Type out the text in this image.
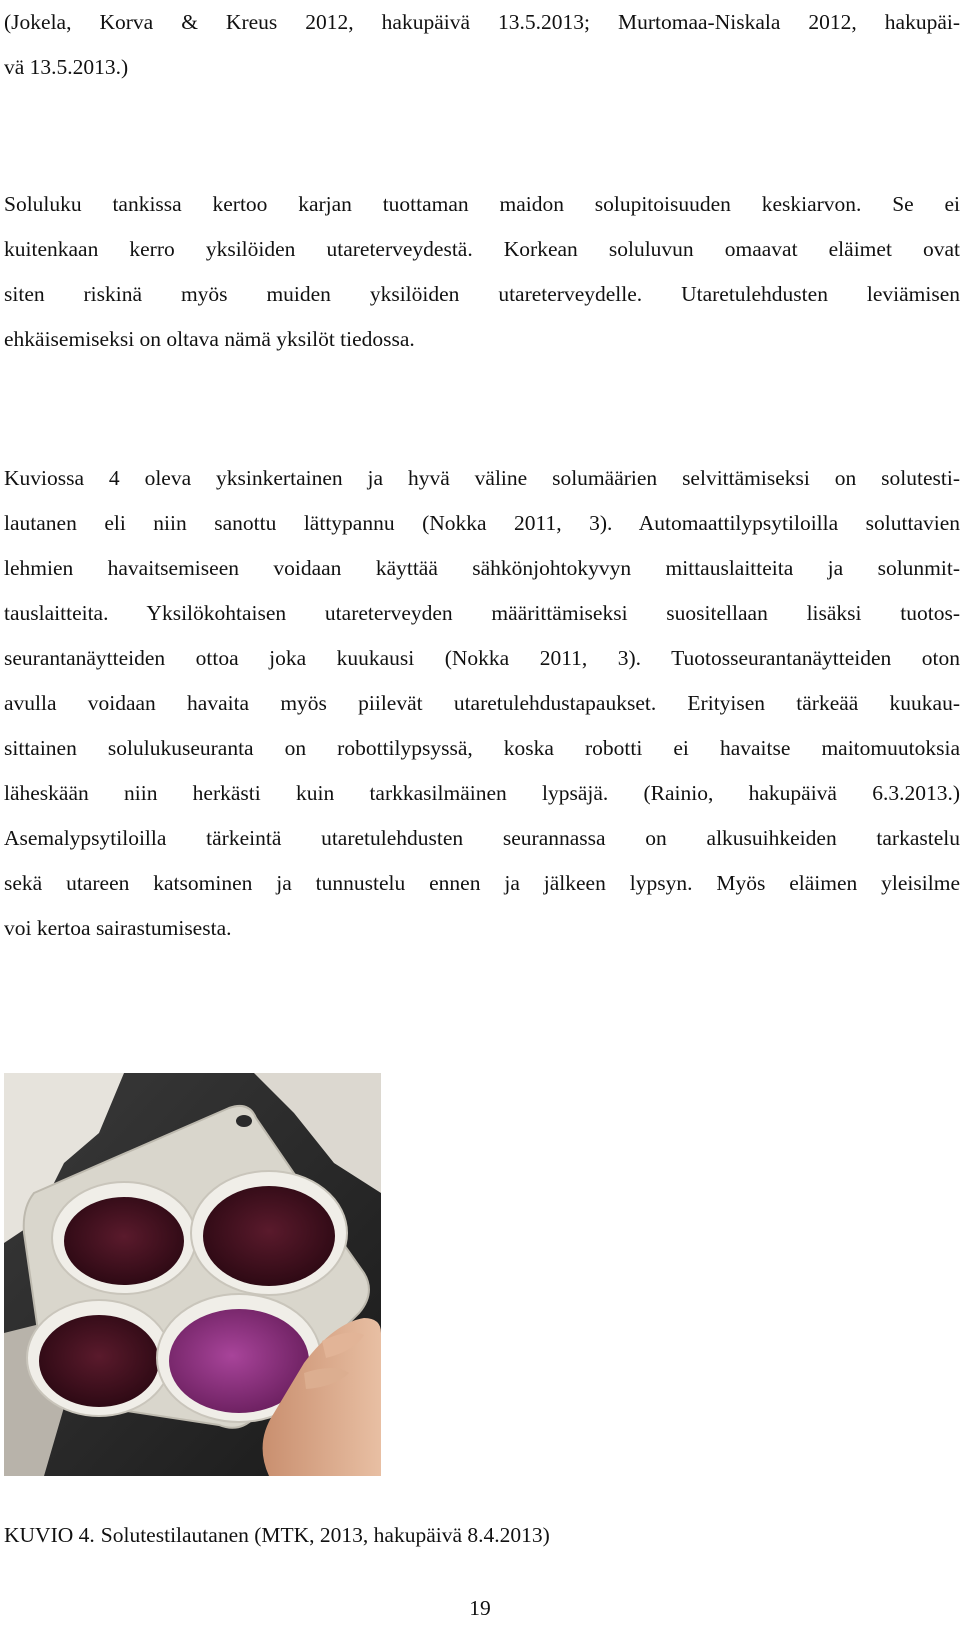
(Jokela, Korva & Kreus 2012, hakupäivä 13.5.2013; Murtomaa-Niskala 2012, hakupäi-
vä 13.5.2013.)
Soluluku tankissa kertoo karjan tuottaman maidon solupitoisuuden keskiarvon. Se ei
kuitenkaan kerro yksilöiden utareterveydestä. Korkean soluluvun omaavat eläimet ovat
siten riskinä myös muiden yksilöiden utareterveydelle. Utaretulehdusten leviämisen
ehkäisemiseksi on oltava nämä yksilöt tiedossa.
Kuviossa 4 oleva yksinkertainen ja hyvä väline solumäärien selvittämiseksi on solutesti-
lautanen eli niin sanottu lättypannu (Nokka 2011, 3). Automaattilypsytiloilla soluttavien
lehmien havaitsemiseen voidaan käyttää sähkönjohtokyvyn mittauslaitteita ja solunmit-
tauslaitteita. Yksilökohtaisen utareterveyden määrittämiseksi suositellaan lisäksi tuotos-
seurantanäytteiden ottoa joka kuukausi (Nokka 2011, 3). Tuotosseurantanäytteiden oton
avulla voidaan havaita myös piilevät utaretulehdustapaukset. Erityisen tärkeää kuukau-
sittainen solulukuseuranta on robottilypsyssä, koska robotti ei havaitse maitomuutoksia
läheskään niin herkästi kuin tarkkasilmäinen lypsäjä. (Rainio, hakupäivä 6.3.2013.)
Asemalypsytiloilla tärkeintä utaretulehdusten seurannassa on alkusuihkeiden tarkastelu
sekä utareen katsominen ja tunnustelu ennen ja jälkeen lypsyn. Myös eläimen yleisilme
voi kertoa sairastumisesta.

KUVIO 4. Solutestilautanen (MTK, 2013, hakupäivä 8.4.2013)

19
